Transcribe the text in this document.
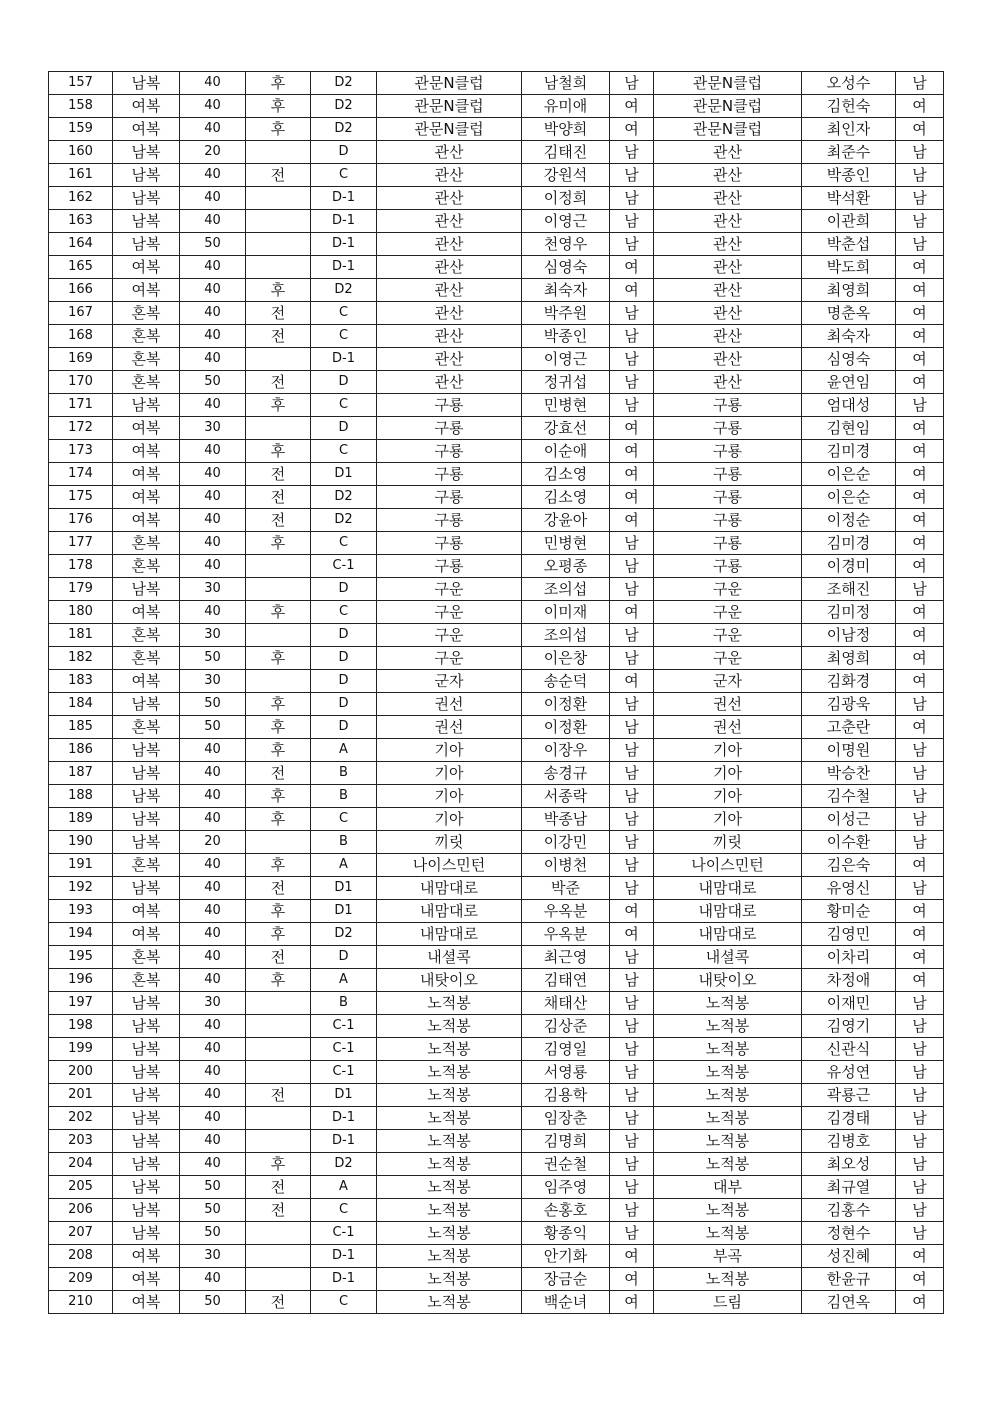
157	남복	40	후	D2	관문N클럽	남철희	남	관문N클럽	오성수	남
158	여복	40	후	D2	관문N클럽	유미애	여	관문N클럽	김헌숙	여
159	여복	40	후	D2	관문N클럽	박양희	여	관문N클럽	최인자	여
160	남복	20		D	관산	김태진	남	관산	최준수	남
161	남복	40	전	C	관산	강원석	남	관산	박종인	남
162	남복	40		D-1	관산	이정희	남	관산	박석환	남
163	남복	40		D-1	관산	이영근	남	관산	이관희	남
164	남복	50		D-1	관산	천영우	남	관산	박춘섭	남
165	여복	40		D-1	관산	심영숙	여	관산	박도희	여
166	여복	40	후	D2	관산	최숙자	여	관산	최영희	여
167	혼복	40	전	C	관산	박주원	남	관산	명춘옥	여
168	혼복	40	전	C	관산	박종인	남	관산	최숙자	여
169	혼복	40		D-1	관산	이영근	남	관산	심영숙	여
170	혼복	50	전	D	관산	정귀섭	남	관산	윤연임	여
171	남복	40	후	C	구룡	민병현	남	구룡	엄대성	남
172	여복	30		D	구룡	강효선	여	구룡	김현임	여
173	여복	40	후	C	구룡	이순애	여	구룡	김미경	여
174	여복	40	전	D1	구룡	김소영	여	구룡	이은순	여
175	여복	40	전	D2	구룡	김소영	여	구룡	이은순	여
176	여복	40	전	D2	구룡	강윤아	여	구룡	이정순	여
177	혼복	40	후	C	구룡	민병현	남	구룡	김미경	여
178	혼복	40		C-1	구룡	오평종	남	구룡	이경미	여
179	남복	30		D	구운	조의섭	남	구운	조해진	남
180	여복	40	후	C	구운	이미재	여	구운	김미정	여
181	혼복	30		D	구운	조의섭	남	구운	이남정	여
182	혼복	50	후	D	구운	이은창	남	구운	최영희	여
183	여복	30		D	군자	송순덕	여	군자	김화경	여
184	남복	50	후	D	권선	이정환	남	권선	김광욱	남
185	혼복	50	후	D	권선	이정환	남	권선	고춘란	여
186	남복	40	후	A	기아	이장우	남	기아	이명원	남
187	남복	40	전	B	기아	송경규	남	기아	박승찬	남
188	남복	40	후	B	기아	서종락	남	기아	김수철	남
189	남복	40	후	C	기아	박종남	남	기아	이성근	남
190	남복	20		B	끼릿	이강민	남	끼릿	이수환	남
191	혼복	40	후	A	나이스민턴	이병천	남	나이스민턴	김은숙	여
192	남복	40	전	D1	내맘대로	박준	남	내맘대로	유영신	남
193	여복	40	후	D1	내맘대로	우옥분	여	내맘대로	황미순	여
194	여복	40	후	D2	내맘대로	우옥분	여	내맘대로	김영민	여
195	혼복	40	전	D	내셜콕	최근영	남	내셜콕	이차리	여
196	혼복	40	후	A	내탓이오	김태연	남	내탓이오	차정애	여
197	남복	30		B	노적봉	채태산	남	노적봉	이재민	남
198	남복	40		C-1	노적봉	김상준	남	노적봉	김영기	남
199	남복	40		C-1	노적봉	김영일	남	노적봉	신관식	남
200	남복	40		C-1	노적봉	서영룡	남	노적봉	유성연	남
201	남복	40	전	D1	노적봉	김용학	남	노적봉	곽룡근	남
202	남복	40		D-1	노적봉	임장춘	남	노적봉	김경태	남
203	남복	40		D-1	노적봉	김명희	남	노적봉	김병호	남
204	남복	40	후	D2	노적봉	권순철	남	노적봉	최오성	남
205	남복	50	전	A	노적봉	임주영	남	대부	최규열	남
206	남복	50	전	C	노적봉	손홍호	남	노적봉	김홍수	남
207	남복	50		C-1	노적봉	황종익	남	노적봉	정현수	남
208	여복	30		D-1	노적봉	안기화	여	부곡	성진혜	여
209	여복	40		D-1	노적봉	장금순	여	노적봉	한윤규	여
210	여복	50	전	C	노적봉	백순녀	여	드림	김연옥	여
